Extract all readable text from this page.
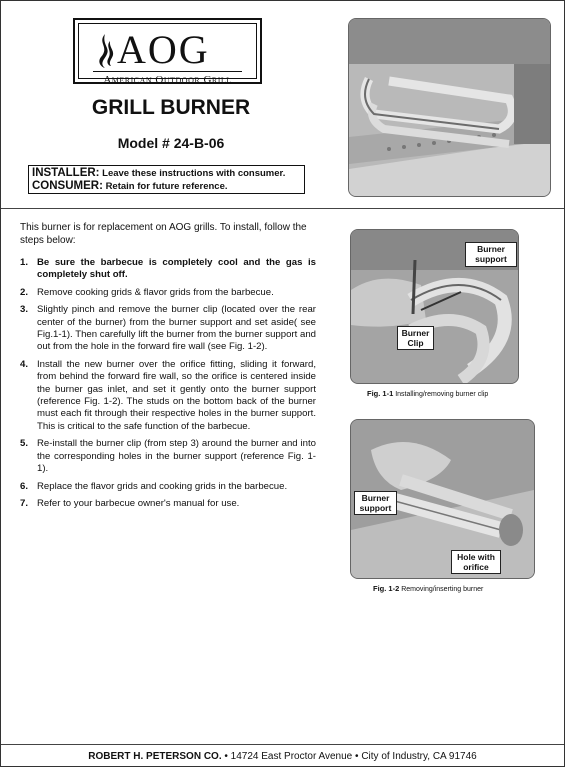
AOG
American Outdoor Grill
GRILL BURNER
Model # 24-B-06
INSTALLER: Leave these instructions with consumer.
CONSUMER: Retain for future reference.
This burner is for replacement on AOG grills. To install, follow the steps below:
1. Be sure the barbecue is completely cool and the gas is completely shut off.
2. Remove cooking grids & flavor grids from the barbecue.
3. Slightly pinch and remove the burner clip (located over the rear center of the burner) from the burner support and set aside( see Fig.1-1). Then carefully lift the burner from the burner support and out from the hole in the forward fire wall (see Fig. 1-2).
4. Install the new burner over the orifice fitting, sliding it forward, from behind the forward fire wall, so the orifice is centered inside the burner gas inlet, and set it gently onto the burner support (reference Fig. 1-2). The studs on the bottom back of the burner must each fit through their respective holes in the burner support. This is critical to the safe function of the barbecue.
5. Re-install the burner clip (from step 3) around the burner and into the corresponding holes in the burner support (reference Fig. 1-1).
6. Replace the flavor grids and cooking grids in the barbecue.
7. Refer to your barbecue owner's manual for use.
Burner support
Burner Clip
Fig. 1-1 Installing/removing burner clip
Burner support
Hole with orifice
Fig. 1-2 Removing/inserting burner
ROBERT H. PETERSON CO. • 14724 East Proctor Avenue • City of Industry, CA 91746
